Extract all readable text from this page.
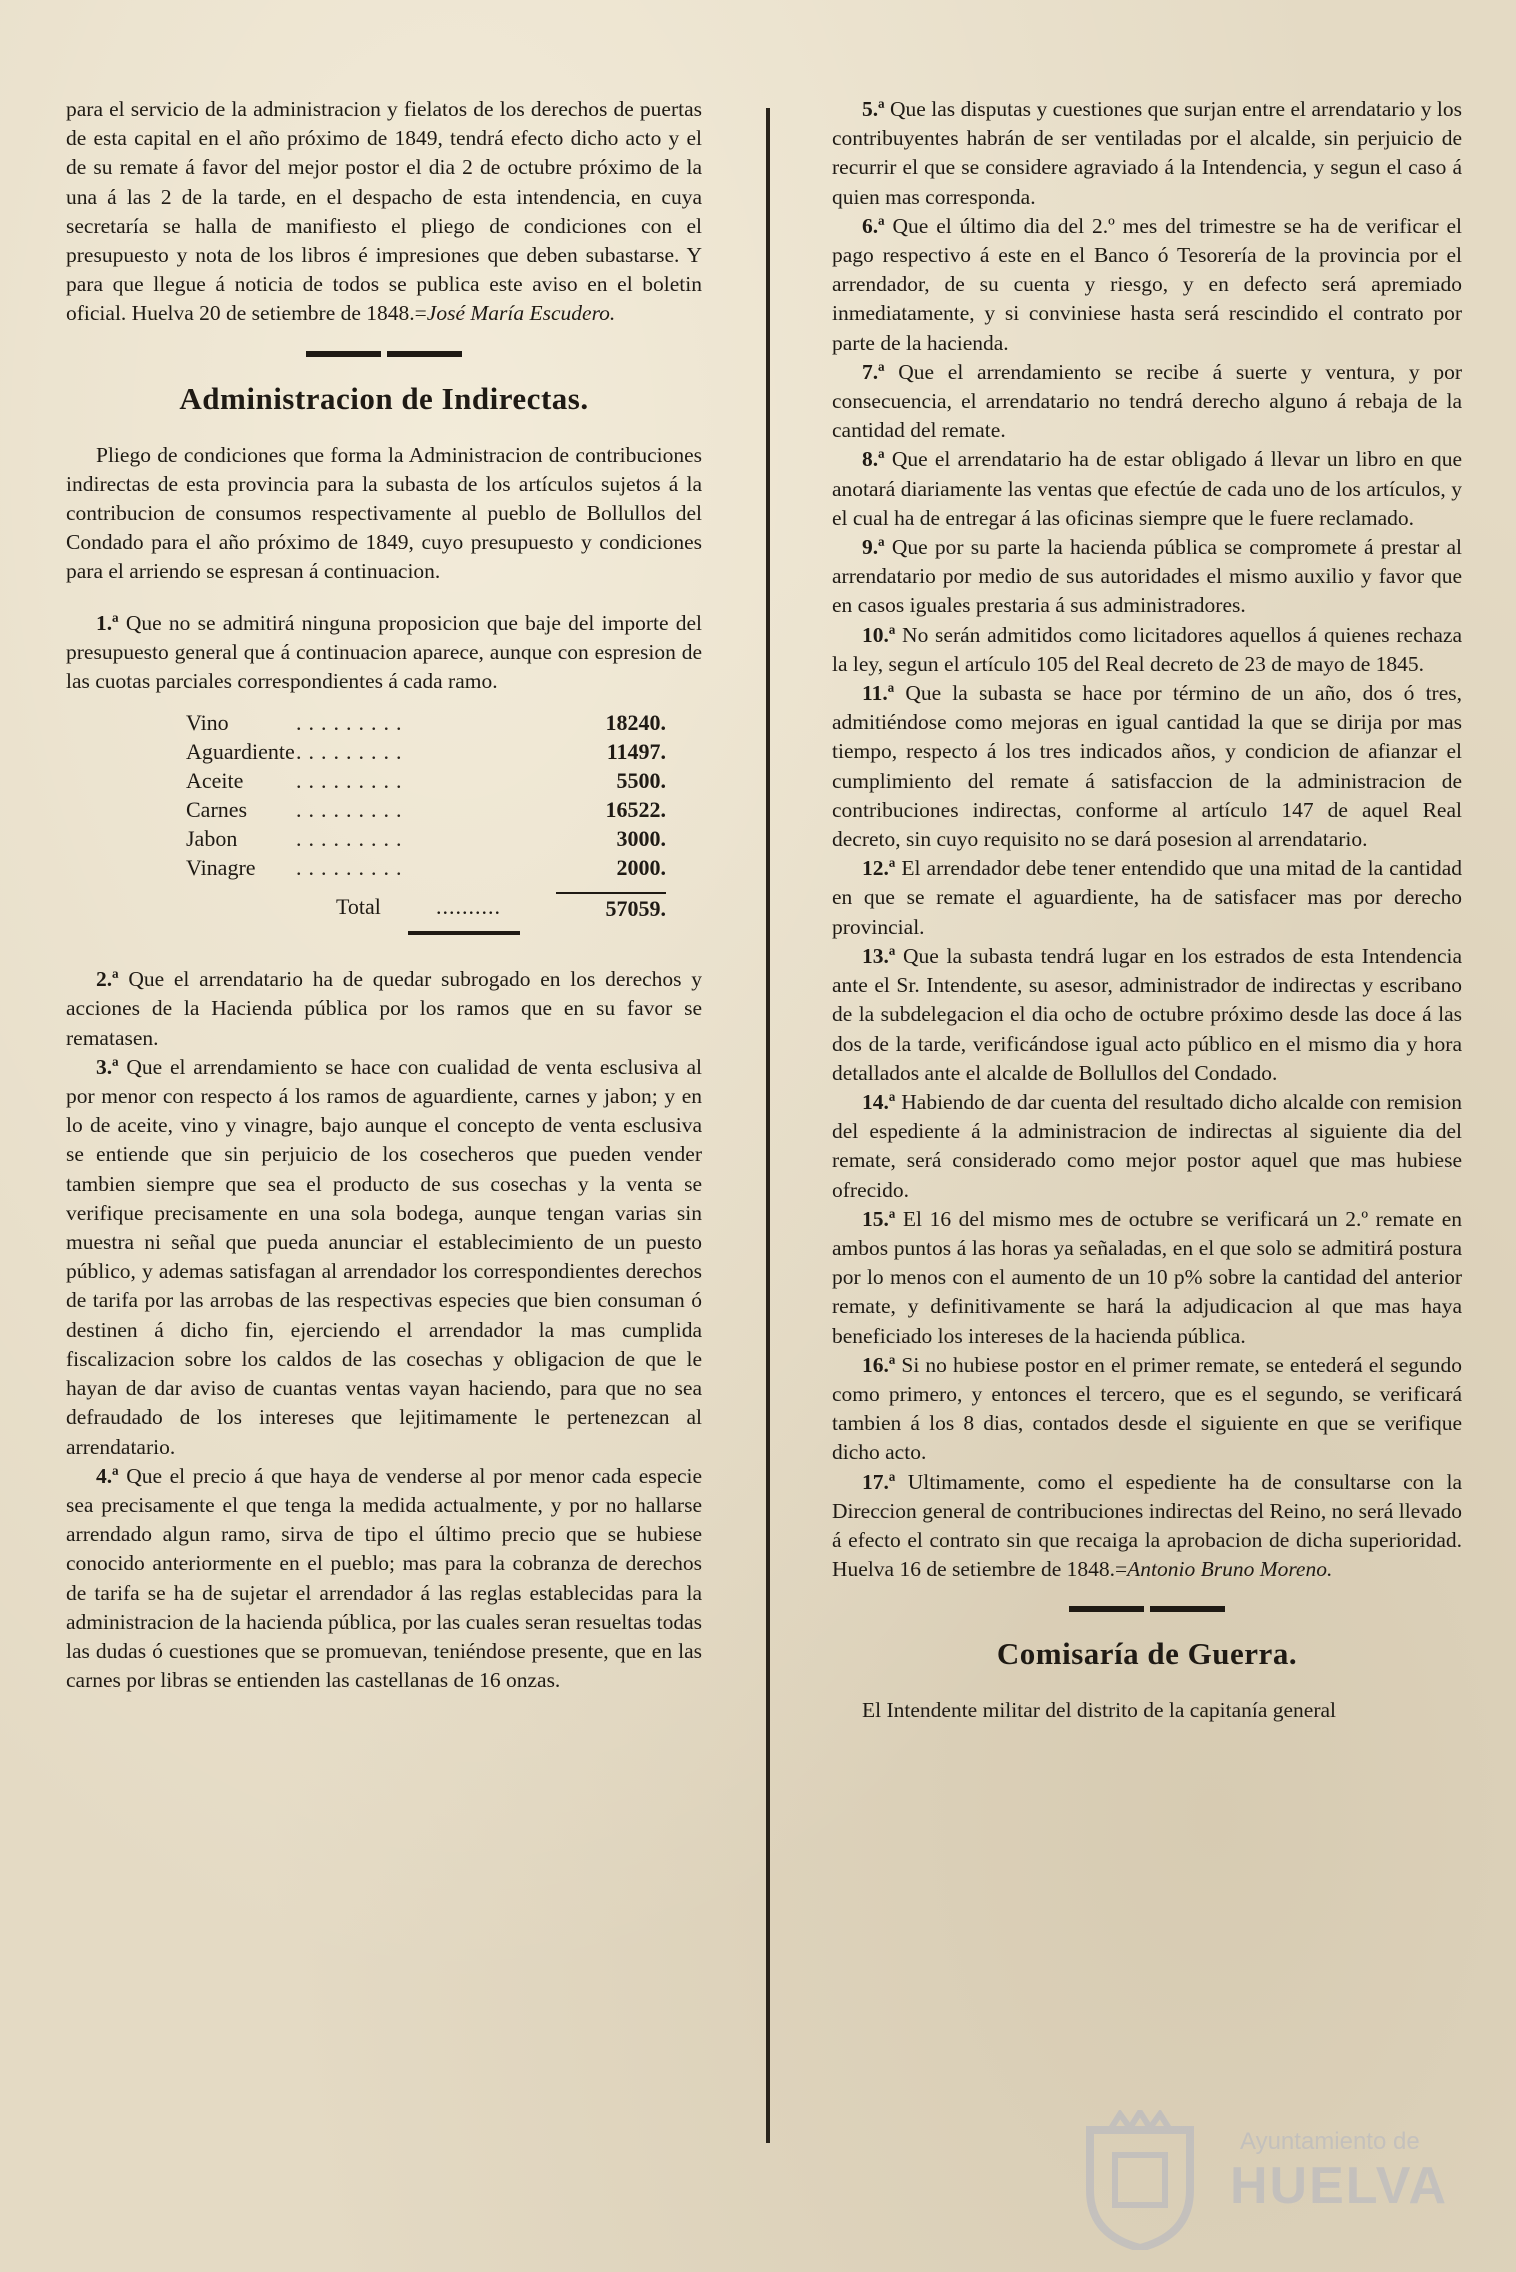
para el servicio de la administracion y fielatos de los derechos de puertas de esta capital en el año próximo de 1849, tendrá efecto dicho acto y el de su remate á favor del mejor postor el dia 2 de octubre próximo de la una á las 2 de la tarde, en el despacho de esta intendencia, en cuya secretaría se halla de manifiesto el pliego de condiciones con el presupuesto y nota de los libros é impresiones que deben subastarse. Y para que llegue á noticia de todos se publica este aviso en el boletin oficial. Huelva 20 de setiembre de 1848.=José María Escudero.

Administracion de Indirectas.

Pliego de condiciones que forma la Administracion de contribuciones indirectas de esta provincia para la subasta de los artículos sujetos á la contribucion de consumos respectivamente al pueblo de Bollullos del Condado para el año próximo de 1849, cuyo presupuesto y condiciones para el arriendo se espresan á continuacion.

1.ª Que no se admitirá ninguna proposicion que baje del importe del presupuesto general que á continuacion aparece, aunque con espresion de las cuotas parciales correspondientes á cada ramo.

Vino	.........	18240.
Aguardiente .........	11497.
Aceite	.........	5500.
Carnes	.........	16522.
Jabon	.........	3000.
Vinagre	.........	2000.
Total	..........	57059.

2.ª Que el arrendatario ha de quedar subrogado en los derechos y acciones de la Hacienda pública por los ramos que en su favor se rematasen.

3.ª Que el arrendamiento se hace con cualidad de venta esclusiva al por menor con respecto á los ramos de aguardiente, carnes y jabon; y en lo de aceite, vino y vinagre, bajo aunque el concepto de venta esclusiva se entiende que sin perjuicio de los cosecheros que pueden vender tambien siempre que sea el producto de sus cosechas y la venta se verifique precisamente en una sola bodega, aunque tengan varias sin muestra ni señal que pueda anunciar el establecimiento de un puesto público, y ademas satisfagan al arrendador los correspondientes derechos de tarifa por las arrobas de las respectivas especies que bien consuman ó destinen á dicho fin, ejerciendo el arrendador la mas cumplida fiscalizacion sobre los caldos de las cosechas y obligacion de que le hayan de dar aviso de cuantas ventas vayan haciendo, para que no sea defraudado de los intereses que lejitimamente le pertenezcan al arrendatario.

4.ª Que el precio á que haya de venderse al por menor cada especie sea precisamente el que tenga la medida actualmente, y por no hallarse arrendado algun ramo, sirva de tipo el último precio que se hubiese conocido anteriormente en el pueblo; mas para la cobranza de derechos de tarifa se ha de sujetar el arrendador á las reglas establecidas para la administracion de la hacienda pública, por las cuales seran resueltas todas las dudas ó cuestiones que se promuevan, teniéndose presente, que en las carnes por libras se entienden las castellanas de 16 onzas.

5.ª Que las disputas y cuestiones que surjan entre el arrendatario y los contribuyentes habrán de ser ventiladas por el alcalde, sin perjuicio de recurrir el que se considere agraviado á la Intendencia, y segun el caso á quien mas corresponda.

6.ª Que el último dia del 2.º mes del trimestre se ha de verificar el pago respectivo á este en el Banco ó Tesorería de la provincia por el arrendador, de su cuenta y riesgo, y en defecto será apremiado inmediatamente, y si conviniese hasta será rescindido el contrato por parte de la hacienda.

7.ª Que el arrendamiento se recibe á suerte y ventura, y por consecuencia, el arrendatario no tendrá derecho alguno á rebaja de la cantidad del remate.

8.ª Que el arrendatario ha de estar obligado á llevar un libro en que anotará diariamente las ventas que efectúe de cada uno de los artículos, y el cual ha de entregar á las oficinas siempre que le fuere reclamado.

9.ª Que por su parte la hacienda pública se compromete á prestar al arrendatario por medio de sus autoridades el mismo auxilio y favor que en casos iguales prestaria á sus administradores.

10.ª No serán admitidos como licitadores aquellos á quienes rechaza la ley, segun el artículo 105 del Real decreto de 23 de mayo de 1845.

11.ª Que la subasta se hace por término de un año, dos ó tres, admitiéndose como mejoras en igual cantidad la que se dirija por mas tiempo, respecto á los tres indicados años, y condicion de afianzar el cumplimiento del remate á satisfaccion de la administracion de contribuciones indirectas, conforme al artículo 147 de aquel Real decreto, sin cuyo requisito no se dará posesion al arrendatario.

12.ª El arrendador debe tener entendido que una mitad de la cantidad en que se remate el aguardiente, ha de satisfacer mas por derecho provincial.

13.ª Que la subasta tendrá lugar en los estrados de esta Intendencia ante el Sr. Intendente, su asesor, administrador de indirectas y escribano de la subdelegacion el dia ocho de octubre próximo desde las doce á las dos de la tarde, verificándose igual acto público en el mismo dia y hora detallados ante el alcalde de Bollullos del Condado.

14.ª Habiendo de dar cuenta del resultado dicho alcalde con remision del espediente á la administracion de indirectas al siguiente dia del remate, será considerado como mejor postor aquel que mas hubiese ofrecido.

15.ª El 16 del mismo mes de octubre se verificará un 2.º remate en ambos puntos á las horas ya señaladas, en el que solo se admitirá postura por lo menos con el aumento de un 10 p% sobre la cantidad del anterior remate, y definitivamente se hará la adjudicacion al que mas haya beneficiado los intereses de la hacienda pública.

16.ª Si no hubiese postor en el primer remate, se entederá el segundo como primero, y entonces el tercero, que es el segundo, se verificará tambien á los 8 dias, contados desde el siguiente en que se verifique dicho acto.

17.ª Ultimamente, como el espediente ha de consultarse con la Direccion general de contribuciones indirectas del Reino, no será llevado á efecto el contrato sin que recaiga la aprobacion de dicha superioridad. Huelva 16 de setiembre de 1848.=Antonio Bruno Moreno.

Comisaría de Guerra.

El Intendente militar del distrito de la capitanía general

Ayuntamiento de
HUELVA
